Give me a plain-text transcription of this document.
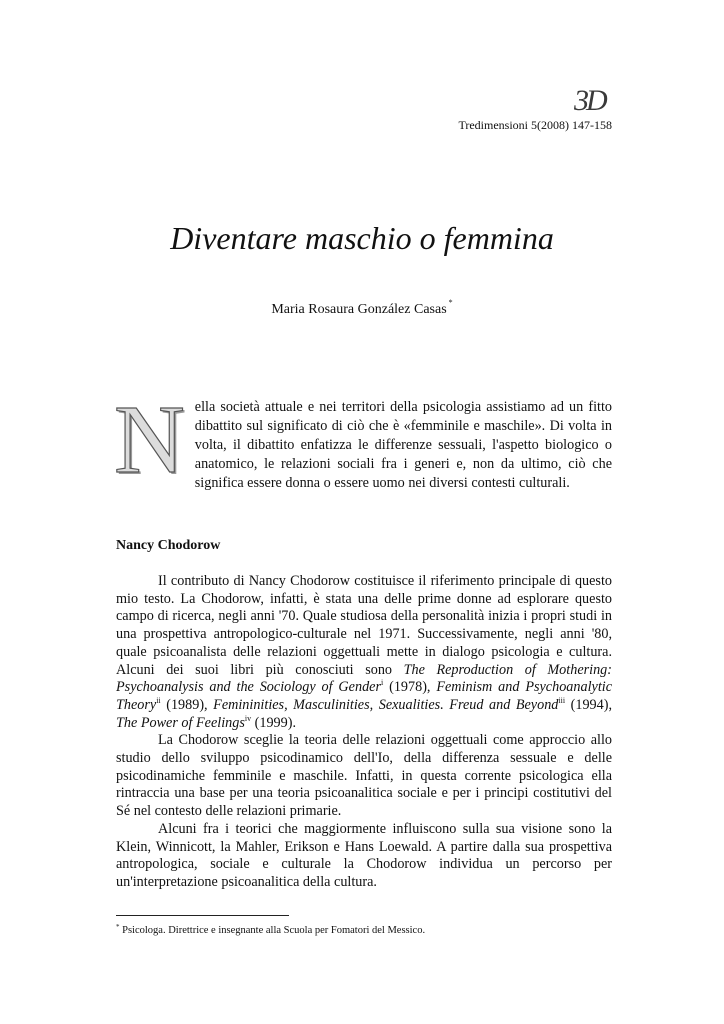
3D
Tredimensioni 5(2008) 147-158
Diventare maschio o femmina
Maria Rosaura González Casas *

Nella società attuale e nei territori della psicologia assistiamo ad un fitto dibattito sul significato di ciò che è «femminile e maschile». Di volta in volta, il dibattito enfatizza le differenze sessuali, l'aspetto biologico o anatomico, le relazioni sociali fra i generi e, non da ultimo, ciò che significa essere donna o essere uomo nei diversi contesti culturali.

Nancy Chodorow

Il contributo di Nancy Chodorow costituisce il riferimento principale di questo mio testo. La Chodorow, infatti, è stata una delle prime donne ad esplorare questo campo di ricerca, negli anni '70. Quale studiosa della personalità inizia i propri studi in una prospettiva antropologico-culturale nel 1971. Successivamente, negli anni '80, quale psicoanalista delle relazioni oggettuali mette in dialogo psicologia e cultura. Alcuni dei suoi libri più conosciuti sono The Reproduction of Mothering: Psychoanalysis and the Sociology of Gender$^i$ (1978), Feminism and Psychoanalytic Theory$^{ii}$ (1989), Femininities, Masculinities, Sexualities. Freud and Beyond$^{iii}$ (1994), The Power of Feelings$^{iv}$ (1999).

La Chodorow sceglie la teoria delle relazioni oggettuali come approccio allo studio dello sviluppo psicodinamico dell'Io, della differenza sessuale e delle psicodinamiche femminile e maschile. Infatti, in questa corrente psicologica ella rintraccia una base per una teoria psicoanalitica sociale e per i principi costitutivi del Sé nel contesto delle relazioni primarie.

Alcuni fra i teorici che maggiormente influiscono sulla sua visione sono la Klein, Winnicott, la Mahler, Erikson e Hans Loewald. A partire dalla sua prospettiva antropologica, sociale e culturale la Chodorow individua un percorso per un'interpretazione psicoanalitica della cultura.

* Psicologa. Direttrice e insegnante alla Scuola per Fomatori del Messico.
